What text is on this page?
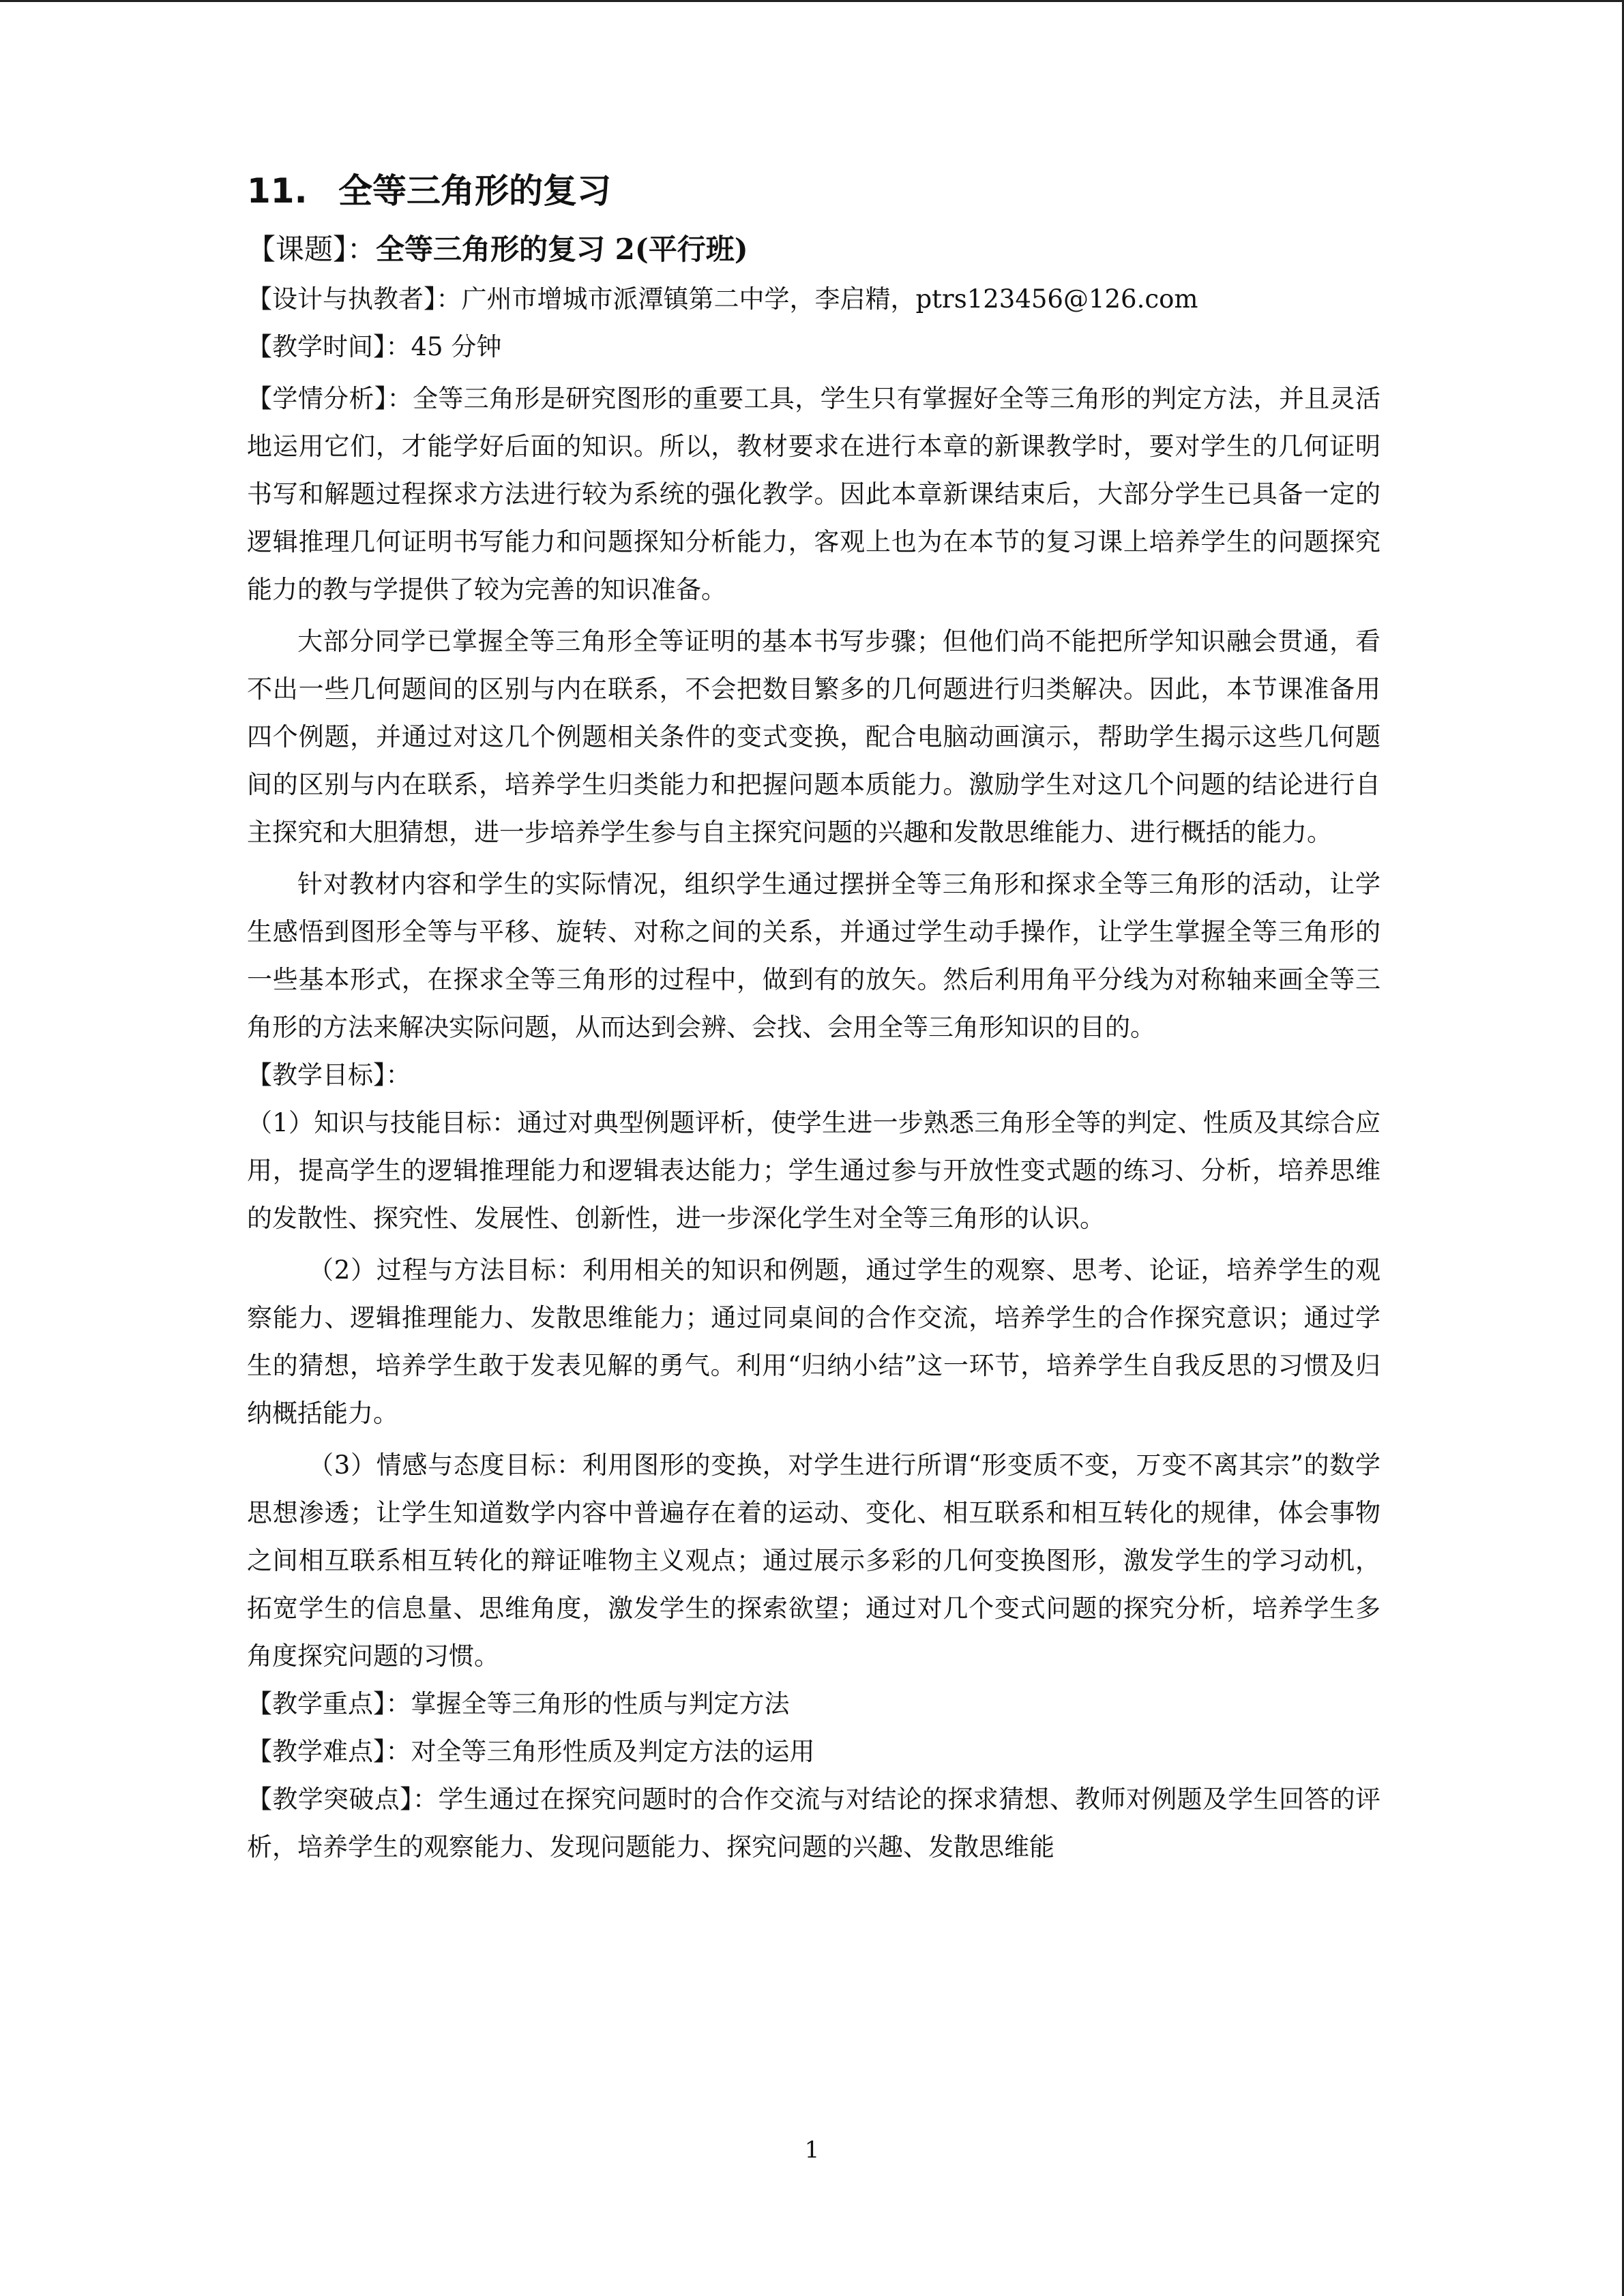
11. 全等三角形的复习

【课题】：全等三角形的复习 2(平行班)

【设计与执教者】：广州市增城市派潭镇第二中学，李启精，ptrs123456@126.com

【教学时间】：45 分钟

【学情分析】：全等三角形是研究图形的重要工具，学生只有掌握好全等三角形的判定方法，并且灵活地运用它们，才能学好后面的知识。所以，教材要求在进行本章的新课教学时，要对学生的几何证明书写和解题过程探求方法进行较为系统的强化教学。因此本章新课结束后，大部分学生已具备一定的逻辑推理几何证明书写能力和问题探知分析能力，客观上也为在本节的复习课上培养学生的问题探究能力的教与学提供了较为完善的知识准备。

大部分同学已掌握全等三角形全等证明的基本书写步骤；但他们尚不能把所学知识融会贯通，看不出一些几何题间的区别与内在联系，不会把数目繁多的几何题进行归类解决。因此，本节课准备用四个例题，并通过对这几个例题相关条件的变式变换，配合电脑动画演示，帮助学生揭示这些几何题间的区别与内在联系，培养学生归类能力和把握问题本质能力。激励学生对这几个问题的结论进行自主探究和大胆猜想，进一步培养学生参与自主探究问题的兴趣和发散思维能力、进行概括的能力。

针对教材内容和学生的实际情况，组织学生通过摆拼全等三角形和探求全等三角形的活动，让学生感悟到图形全等与平移、旋转、对称之间的关系，并通过学生动手操作，让学生掌握全等三角形的一些基本形式，在探求全等三角形的过程中，做到有的放矢。然后利用角平分线为对称轴来画全等三角形的方法来解决实际问题，从而达到会辨、会找、会用全等三角形知识的目的。

【教学目标】：

（1）知识与技能目标：通过对典型例题评析，使学生进一步熟悉三角形全等的判定、性质及其综合应用，提高学生的逻辑推理能力和逻辑表达能力；学生通过参与开放性变式题的练习、分析，培养思维的发散性、探究性、发展性、创新性，进一步深化学生对全等三角形的认识。

（2）过程与方法目标：利用相关的知识和例题，通过学生的观察、思考、论证，培养学生的观察能力、逻辑推理能力、发散思维能力；通过同桌间的合作交流，培养学生的合作探究意识；通过学生的猜想，培养学生敢于发表见解的勇气。利用“归纳小结”这一环节，培养学生自我反思的习惯及归纳概括能力。

（3）情感与态度目标：利用图形的变换，对学生进行所谓“形变质不变，万变不离其宗”的数学思想渗透；让学生知道数学内容中普遍存在着的运动、变化、相互联系和相互转化的规律，体会事物之间相互联系相互转化的辩证唯物主义观点；通过展示多彩的几何变换图形，激发学生的学习动机，拓宽学生的信息量、思维角度，激发学生的探索欲望；通过对几个变式问题的探究分析，培养学生多角度探究问题的习惯。

【教学重点】：掌握全等三角形的性质与判定方法

【教学难点】：对全等三角形性质及判定方法的运用

【教学突破点】：学生通过在探究问题时的合作交流与对结论的探求猜想、教师对例题及学生回答的评析，培养学生的观察能力、发现问题能力、探究问题的兴趣、发散思维能

1
